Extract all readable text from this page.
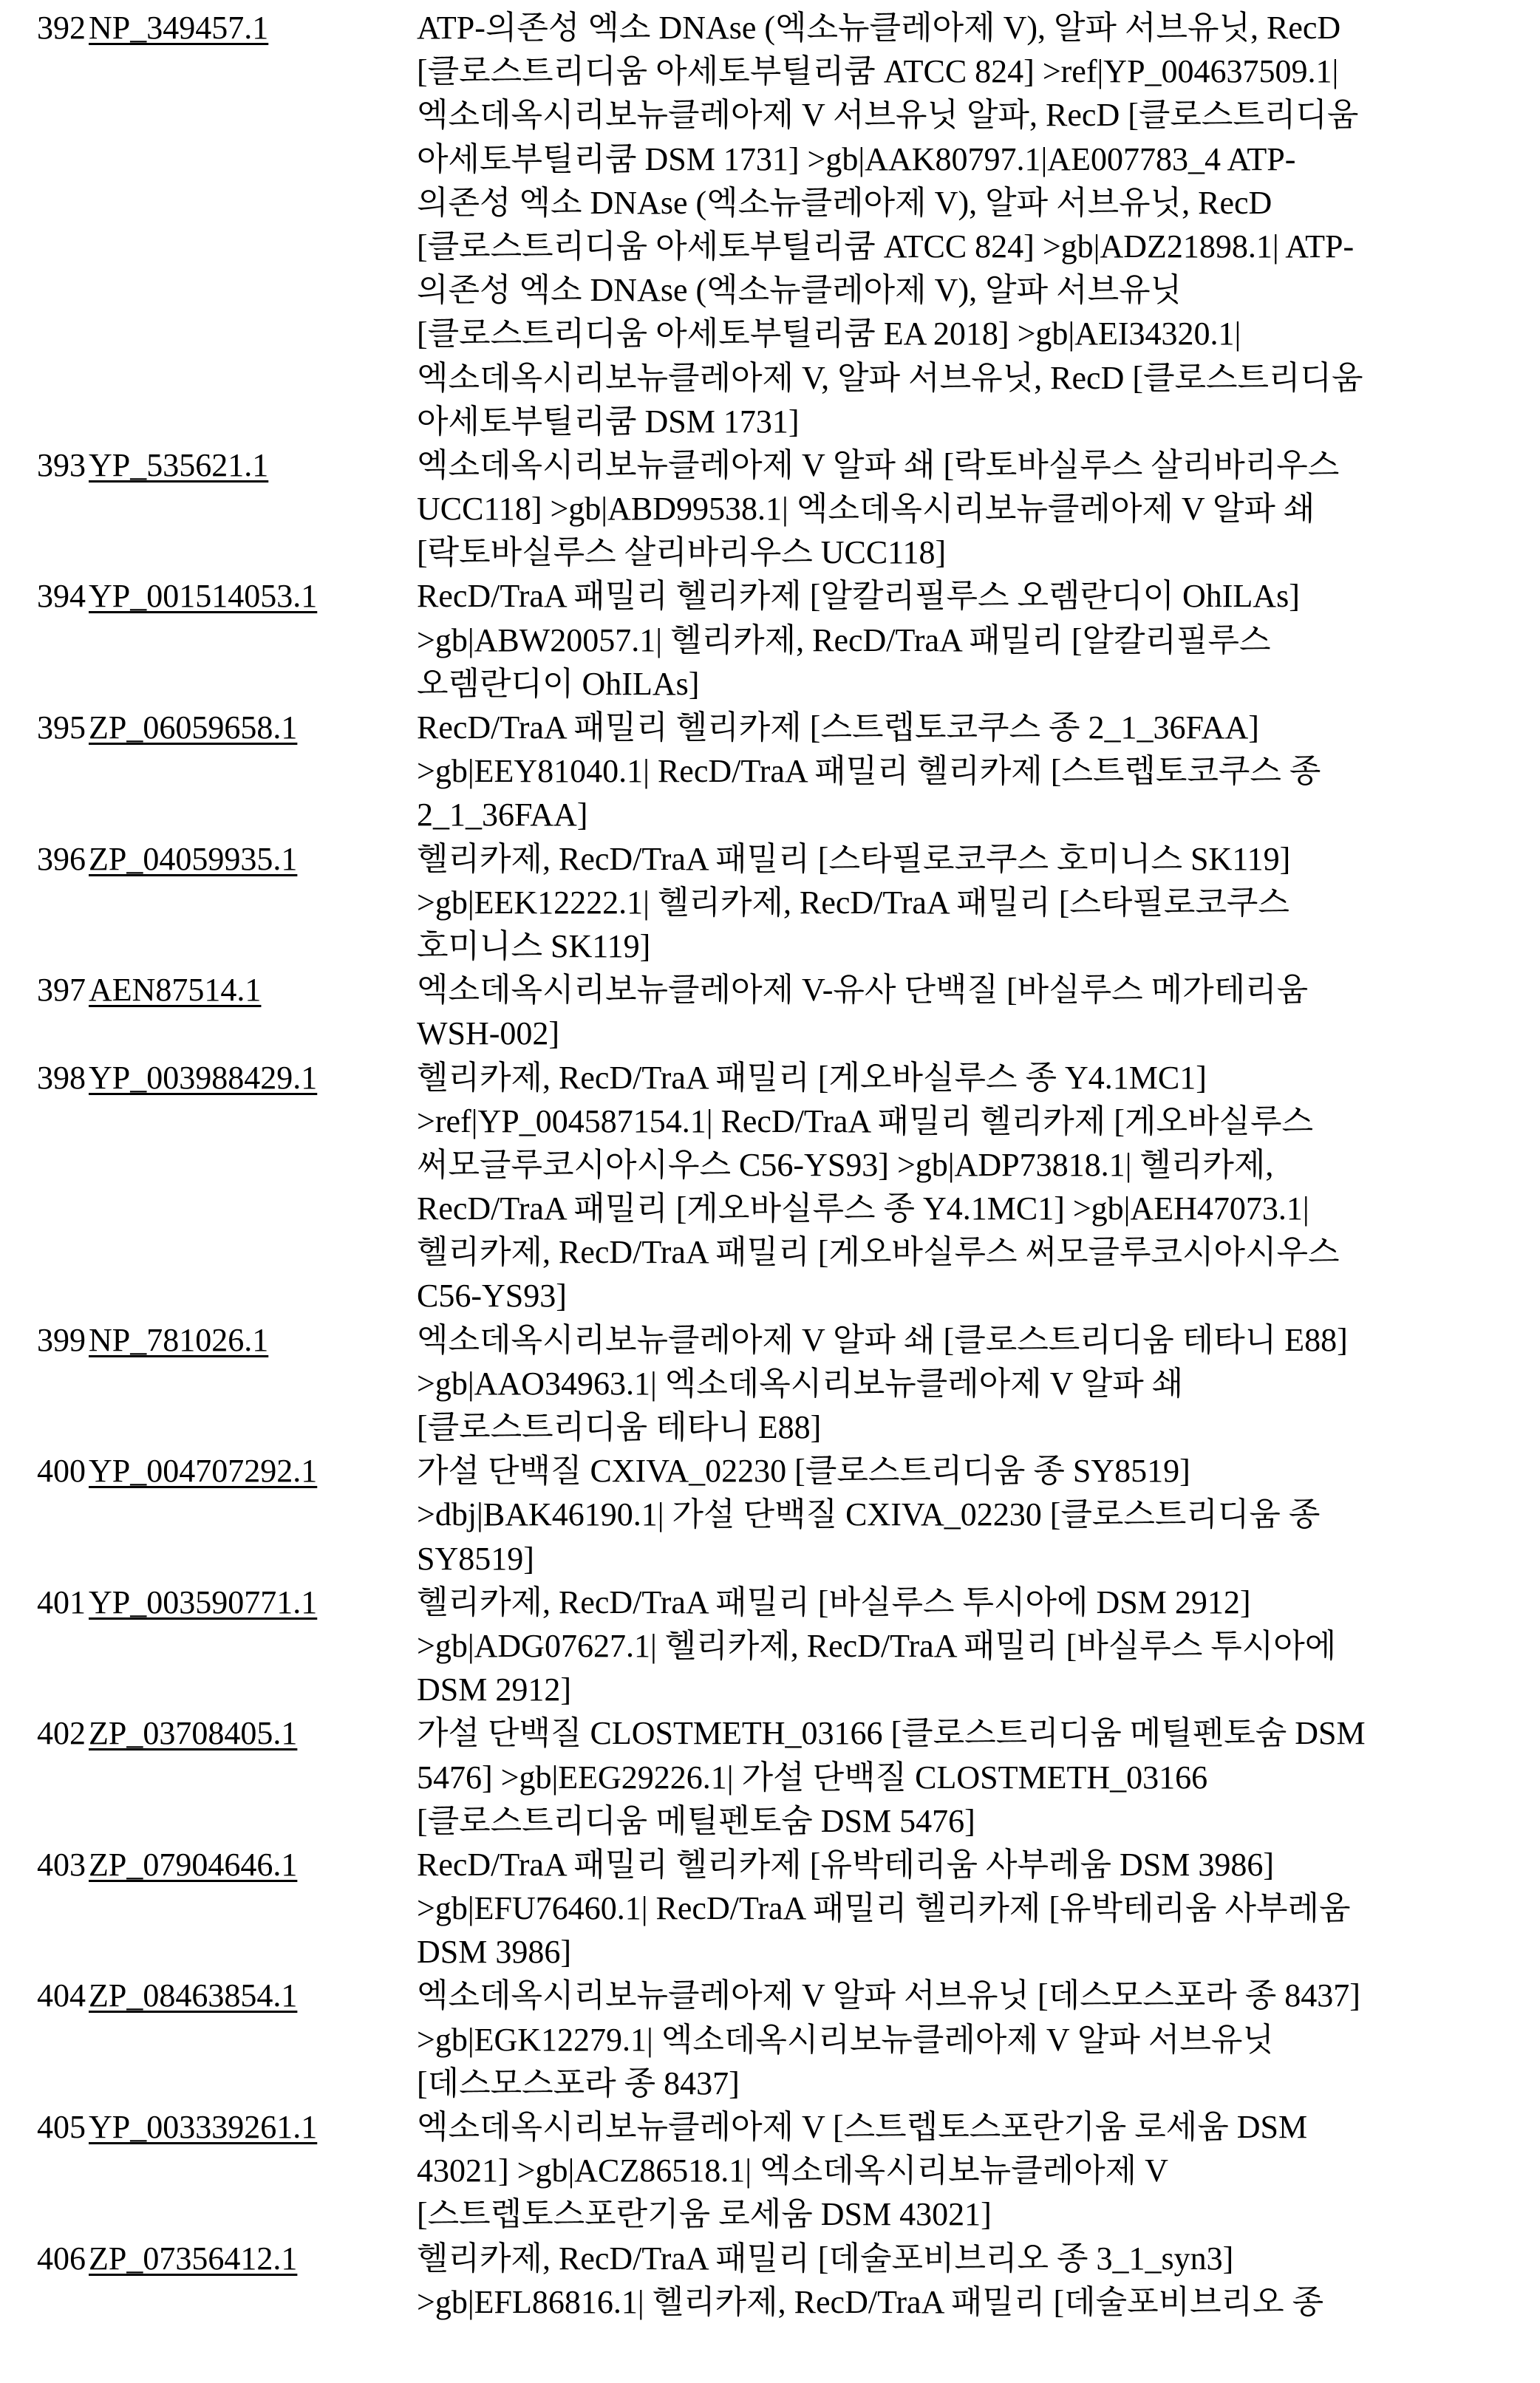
392 NP_349457.1	ATP-의존성 엑소 DNAse (엑소뉴클레아제 V), 알파 서브유닛, RecD
[클로스트리디움 아세토부틸리쿰 ATCC 824] >ref|YP_004637509.1|
엑소데옥시리보뉴클레아제 V 서브유닛 알파, RecD [클로스트리디움
아세토부틸리쿰 DSM 1731] >gb|AAK80797.1|AE007783_4 ATP-
의존성 엑소 DNAse (엑소뉴클레아제 V), 알파 서브유닛, RecD
[클로스트리디움 아세토부틸리쿰 ATCC 824] >gb|ADZ21898.1| ATP-
의존성 엑소 DNAse (엑소뉴클레아제 V), 알파 서브유닛
[클로스트리디움 아세토부틸리쿰 EA 2018] >gb|AEI34320.1|
엑소데옥시리보뉴클레아제 V, 알파 서브유닛, RecD [클로스트리디움
아세토부틸리쿰 DSM 1731]
393 YP_535621.1	엑소데옥시리보뉴클레아제 V 알파 쇄 [락토바실루스 살리바리우스
UCC118] >gb|ABD99538.1| 엑소데옥시리보뉴클레아제 V 알파 쇄
[락토바실루스 살리바리우스 UCC118]
394 YP_001514053.1	RecD/TraA 패밀리 헬리카제 [알칼리필루스 오렘란디이 OhILAs]
>gb|ABW20057.1| 헬리카제, RecD/TraA 패밀리 [알칼리필루스
오렘란디이 OhILAs]
395 ZP_06059658.1	RecD/TraA 패밀리 헬리카제 [스트렙토코쿠스 종 2_1_36FAA]
>gb|EEY81040.1| RecD/TraA 패밀리 헬리카제 [스트렙토코쿠스 종
2_1_36FAA]
396 ZP_04059935.1	헬리카제, RecD/TraA 패밀리 [스타필로코쿠스 호미니스 SK119]
>gb|EEK12222.1| 헬리카제, RecD/TraA 패밀리 [스타필로코쿠스
호미니스 SK119]
397 AEN87514.1	엑소데옥시리보뉴클레아제 V-유사 단백질 [바실루스 메가테리움
WSH-002]
398 YP_003988429.1	헬리카제, RecD/TraA 패밀리 [게오바실루스 종 Y4.1MC1]
>ref|YP_004587154.1| RecD/TraA 패밀리 헬리카제 [게오바실루스
써모글루코시아시우스 C56-YS93] >gb|ADP73818.1| 헬리카제,
RecD/TraA 패밀리 [게오바실루스 종 Y4.1MC1] >gb|AEH47073.1|
헬리카제, RecD/TraA 패밀리 [게오바실루스 써모글루코시아시우스
C56-YS93]
399 NP_781026.1	엑소데옥시리보뉴클레아제 V 알파 쇄 [클로스트리디움 테타니 E88]
>gb|AAO34963.1| 엑소데옥시리보뉴클레아제 V 알파 쇄
[클로스트리디움 테타니 E88]
400 YP_004707292.1	가설 단백질 CXIVA_02230 [클로스트리디움 종 SY8519]
>dbj|BAK46190.1| 가설 단백질 CXIVA_02230 [클로스트리디움 종
SY8519]
401 YP_003590771.1	헬리카제, RecD/TraA 패밀리 [바실루스 투시아에 DSM 2912]
>gb|ADG07627.1| 헬리카제, RecD/TraA 패밀리 [바실루스 투시아에
DSM 2912]
402 ZP_03708405.1	가설 단백질 CLOSTMETH_03166 [클로스트리디움 메틸펜토숨 DSM
5476] >gb|EEG29226.1| 가설 단백질 CLOSTMETH_03166
[클로스트리디움 메틸펜토숨 DSM 5476]
403 ZP_07904646.1	RecD/TraA 패밀리 헬리카제 [유박테리움 사부레움 DSM 3986]
>gb|EFU76460.1| RecD/TraA 패밀리 헬리카제 [유박테리움 사부레움
DSM 3986]
404 ZP_08463854.1	엑소데옥시리보뉴클레아제 V 알파 서브유닛 [데스모스포라 종 8437]
>gb|EGK12279.1| 엑소데옥시리보뉴클레아제 V 알파 서브유닛
[데스모스포라 종 8437]
405 YP_003339261.1	엑소데옥시리보뉴클레아제 V [스트렙토스포란기움 로세움 DSM
43021] >gb|ACZ86518.1| 엑소데옥시리보뉴클레아제 V
[스트렙토스포란기움 로세움 DSM 43021]
406 ZP_07356412.1	헬리카제, RecD/TraA 패밀리 [데술포비브리오 종 3_1_syn3]
>gb|EFL86816.1| 헬리카제, RecD/TraA 패밀리 [데술포비브리오 종
